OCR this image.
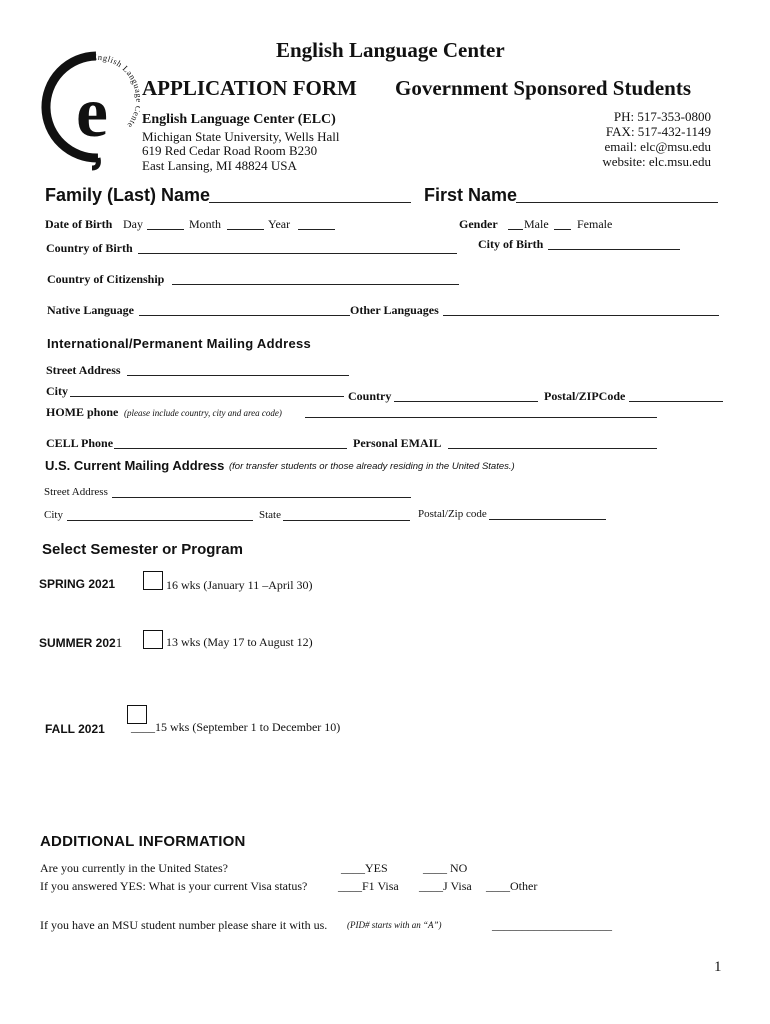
e
English Lang nte
English Language Center
APPLICATION FORM Government Sponsored Students
English Language Center (ELC)
Michigan State University, Wells Hall
619 Red Cedar Road Room B230
East Lansing, MI 48824 USA
PH: 517-353-0800
FAX: 517-432-1149
email: elc@msu.edu
website: elc.msu.edu
Family (Last) Name	First Name
Date of Birth Day	Month	Year	Gender Male Female
Country of Birth	City of Birth
Country of Citizenship
Native Language	Other Languages
International/Permanent Mailing Address
Street Address
City	Country	Postal/ZIPCode
HOME phone (please include country, city and area code)
CELL Phone	Personal EMAIL
U.S. Current Mailing Address (for transfer students or those already residing in the United States.)
Street Address
City	State	Postal/Zip code
Select Semester or Program
SPRING 2021	16 wks (January 11 –April 30)
SUMMER 2021	13 wks (May 17 to August 12)
FALL 2021 ____15 wks (September 1 to December 10)
ADDITIONAL INFORMATION
Are you currently in the United States?	____YES	____ NO
If you answered YES: What is your current Visa status?	____F1 Visa ____J Visa ____Other
If you have an MSU student number please share it with us. (PID# starts with an “A”)	____________________
1
